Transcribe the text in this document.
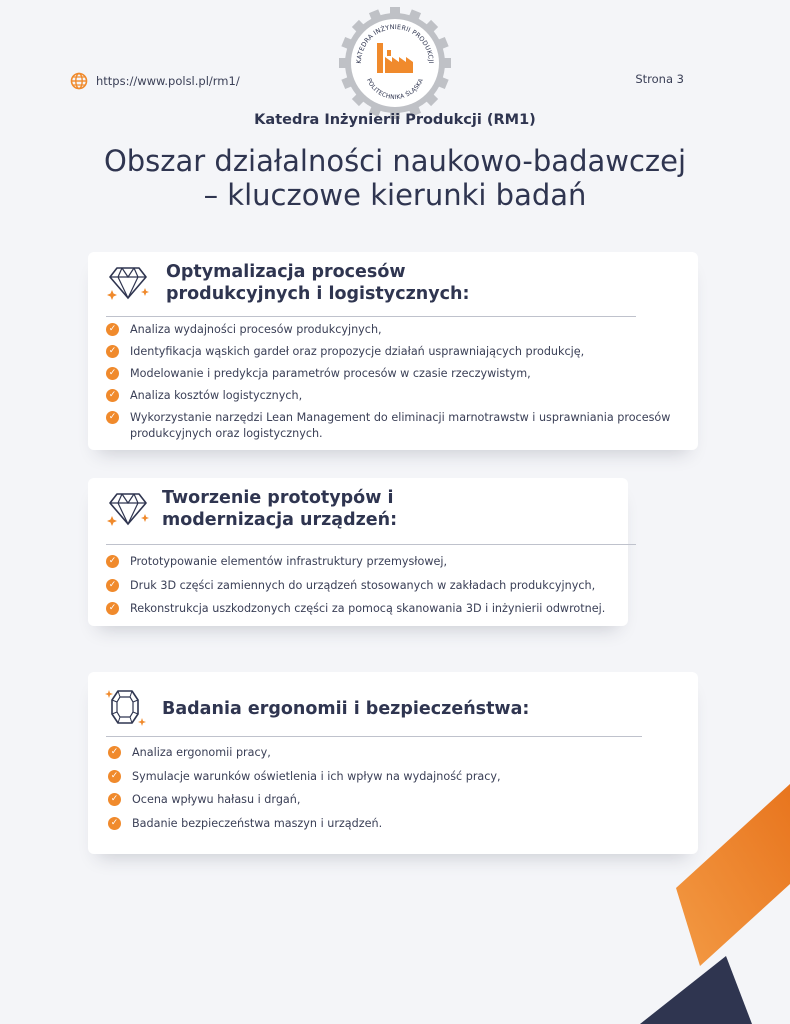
https://www.polsl.pl/rm1/	Strona 3
KATEDRA INŻYNIERII PRODUKCJI
POLITECHNIKA ŚLĄSKA
Katedra Inżynierii Produkcji (RM1)
Obszar działalności naukowo-badawczej
– kluczowe kierunki badań
Optymalizacja procesów
produkcyjnych i logistycznych:
✓ Analiza wydajności procesów produkcyjnych,
✓ Identyfikacja wąskich gardeł oraz propozycje działań usprawniających produkcję,
✓ Modelowanie i predykcja parametrów procesów w czasie rzeczywistym,
✓ Analiza kosztów logistycznych,
✓ Wykorzystanie narzędzi Lean Management do eliminacji marnotrawstw i usprawniania procesów produkcyjnych oraz logistycznych.
Tworzenie prototypów i
modernizacja urządzeń:
✓ Prototypowanie elementów infrastruktury przemysłowej,
✓ Druk 3D części zamiennych do urządzeń stosowanych w zakładach produkcyjnych,
✓ Rekonstrukcja uszkodzonych części za pomocą skanowania 3D i inżynierii odwrotnej.
Badania ergonomii i bezpieczeństwa:
✓ Analiza ergonomii pracy,
✓ Symulacje warunków oświetlenia i ich wpływ na wydajność pracy,
✓ Ocena wpływu hałasu i drgań,
✓ Badanie bezpieczeństwa maszyn i urządzeń.
